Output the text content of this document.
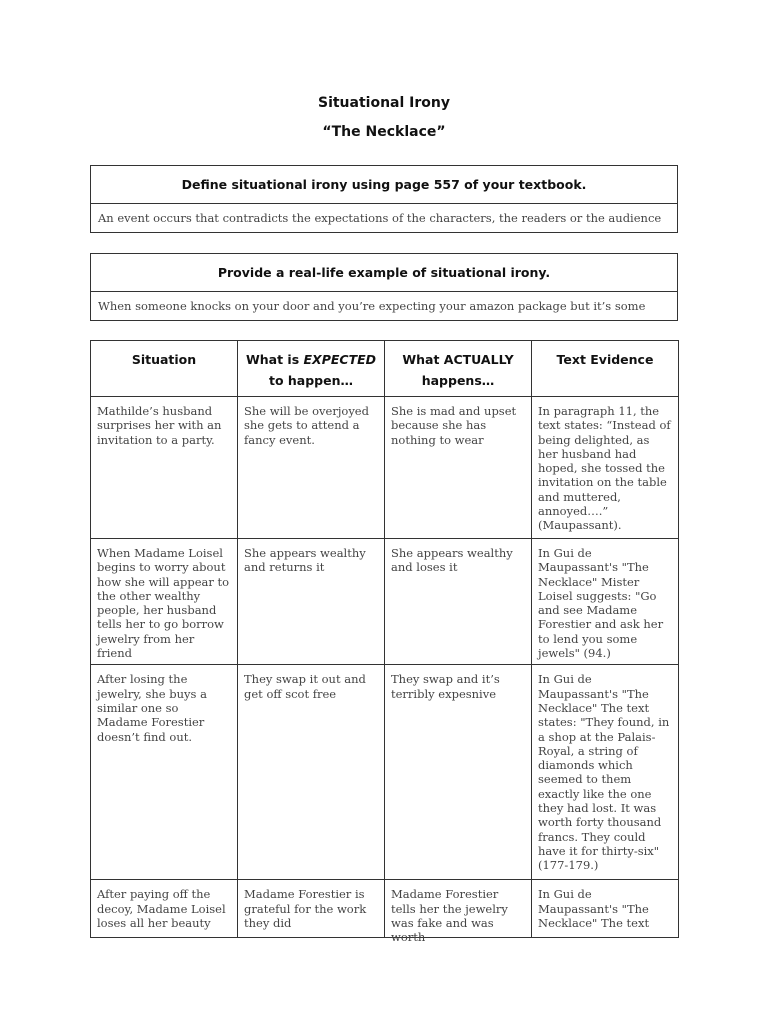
Situational Irony
“The Necklace”
Define situational irony using page 557 of your textbook.
An event occurs that contradicts the expectations of the characters, the readers or the audience
Provide a real-life example of situational irony.
When someone knocks on your door and you’re expecting your amazon package but it’s some
Situation	What is EXPECTED to happen…	What ACTUALLY happens…	Text Evidence
Mathilde’s husband surprises her with an invitation to a party.	She will be overjoyed she gets to attend a fancy event.	She is mad and upset because she has nothing to wear	In paragraph 11, the text states: “Instead of being delighted, as her husband had hoped, she tossed the invitation on the table and muttered, annoyed….” (Maupassant).
When Madame Loisel begins to worry about how she will appear to the other wealthy people, her husband tells her to go borrow jewelry from her friend	She appears wealthy and returns it	She appears wealthy and loses it	In Gui de Maupassant's "The Necklace" Mister Loisel suggests: "Go and see Madame Forestier and ask her to lend you some jewels" (94.)
After losing the jewelry, she buys a similar one so Madame Forestier doesn’t find out.	They swap it out and get off scot free	They swap and it’s terribly expesnive	In Gui de Maupassant's "The Necklace" The text states: "They found, in a shop at the Palais-Royal, a string of diamonds which seemed to them exactly like the one they had lost. It was worth forty thousand francs. They could have it for thirty-six" (177-179.)

After paying off the decoy, Madame Loisel loses all her beauty	Madame Forestier is grateful for the work they did	Madame Forestier tells her the jewelry was fake and was worth	In Gui de Maupassant's "The Necklace" The text
